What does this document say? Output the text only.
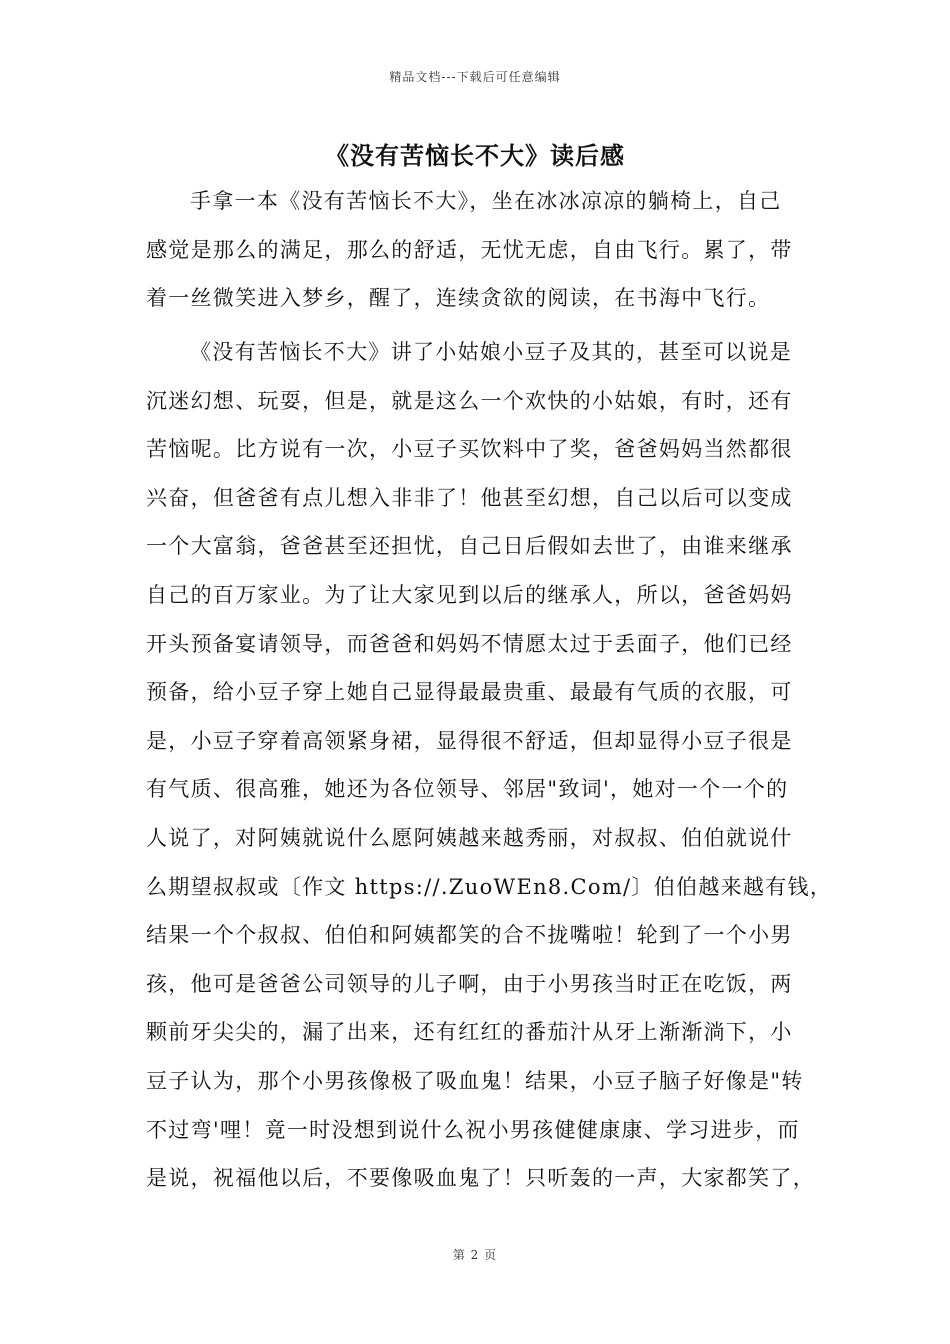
精品文档---下载后可任意编辑
《没有苦恼长不大》读后感
手拿一本《没有苦恼长不大》，坐在冰冰凉凉的躺椅上，自己
感觉是那么的满足，那么的舒适，无忧无虑，自由飞行。累了，带
着一丝微笑进入梦乡，醒了，连续贪欲的阅读，在书海中飞行。
《没有苦恼长不大》讲了小姑娘小豆子及其的，甚至可以说是
沉迷幻想、玩耍，但是，就是这么一个欢快的小姑娘，有时，还有
苦恼呢。比方说有一次，小豆子买饮料中了奖，爸爸妈妈当然都很
兴奋，但爸爸有点儿想入非非了！他甚至幻想，自己以后可以变成
一个大富翁，爸爸甚至还担忧，自己日后假如去世了，由谁来继承
自己的百万家业。为了让大家见到以后的继承人，所以，爸爸妈妈
开头预备宴请领导，而爸爸和妈妈不情愿太过于丢面子，他们已经
预备，给小豆子穿上她自己显得最最贵重、最最有气质的衣服，可
是，小豆子穿着高领紧身裙，显得很不舒适，但却显得小豆子很是
有气质、很高雅，她还为各位领导、邻居"致词'，她对一个一个的
人说了，对阿姨就说什么愿阿姨越来越秀丽，对叔叔、伯伯就说什
么期望叔叔或〔作文 https://.ZuoWEn8.Com/〕伯伯越来越有钱，
结果一个个叔叔、伯伯和阿姨都笑的合不拢嘴啦！轮到了一个小男
孩，他可是爸爸公司领导的儿子啊，由于小男孩当时正在吃饭，两
颗前牙尖尖的，漏了出来，还有红红的番茄汁从牙上渐渐淌下，小
豆子认为，那个小男孩像极了吸血鬼！结果，小豆子脑子好像是"转
不过弯'哩！竟一时没想到说什么祝小男孩健健康康、学习进步，而
是说，祝福他以后，不要像吸血鬼了！只听轰的一声，大家都笑了，
第 2 页
